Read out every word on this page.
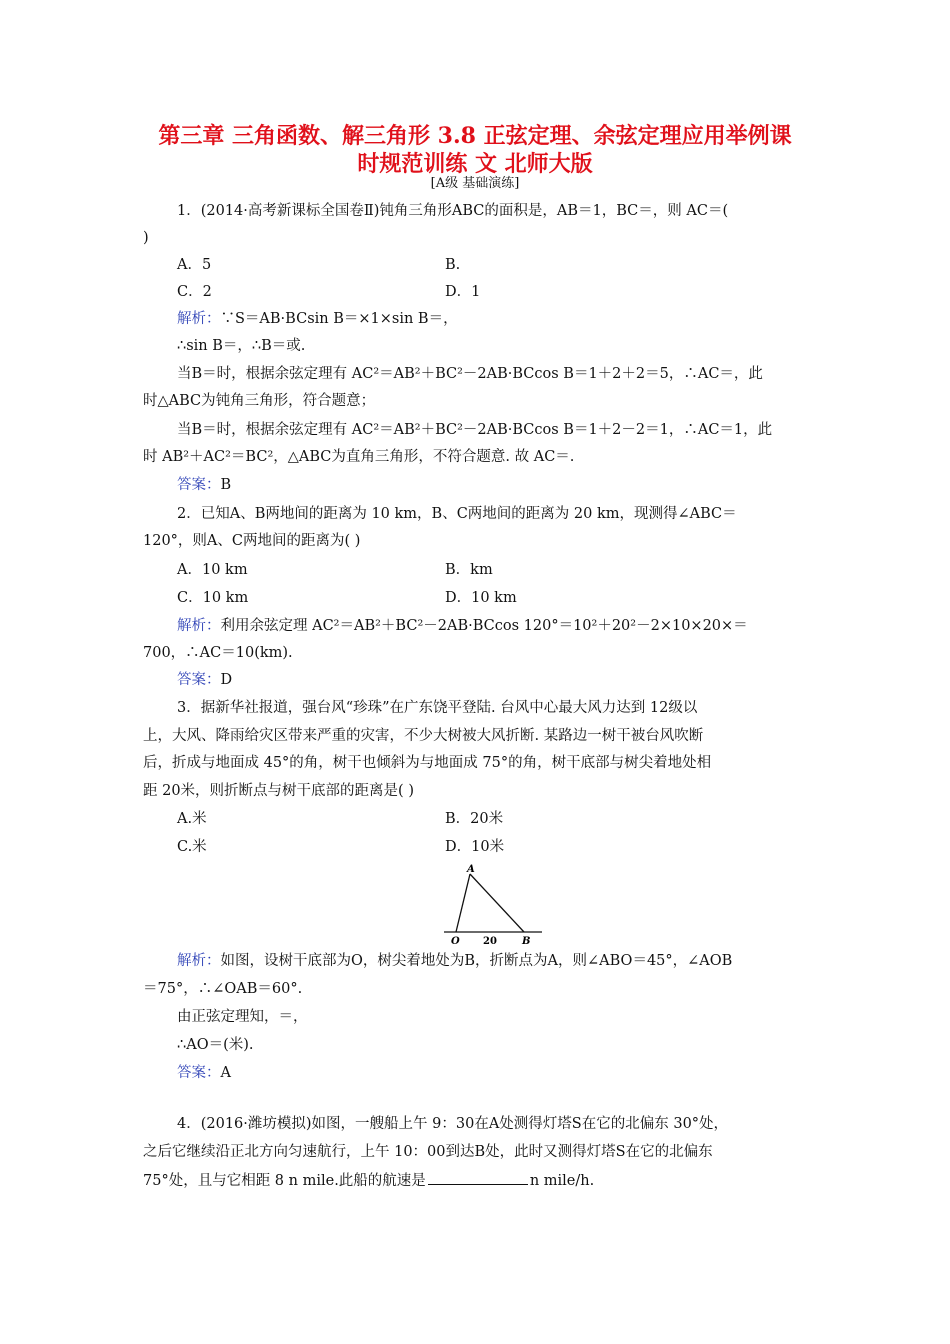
第三章 三角函数、解三角形 3.8 正弦定理、余弦定理应用举例课
时规范训练 文 北师大版
[A级 基础演练]
1．(2014·高考新课标全国卷Ⅱ)钝角三角形ABC的面积是，AB＝1，BC＝，则 AC＝(
)
A．5	B.
C．2	D．1
解析：∵S＝AB·BCsin B＝×1×sin B＝，
∴sin B＝，∴B＝或.
当B＝时，根据余弦定理有 AC²＝AB²＋BC²－2AB·BCcos B＝1＋2＋2＝5，∴AC＝，此
时△ABC为钝角三角形，符合题意；
当B＝时，根据余弦定理有 AC²＝AB²＋BC²－2AB·BCcos B＝1＋2－2＝1，∴AC＝1，此
时 AB²＋AC²＝BC²，△ABC为直角三角形，不符合题意. 故 AC＝.
答案：B
2．已知A、B两地间的距离为 10 km，B、C两地间的距离为 20 km，现测得∠ABC＝
120°，则A、C两地间的距离为( )
A．10 km	B．km
C．10 km	D．10 km
解析：利用余弦定理 AC²＝AB²＋BC²－2AB·BCcos 120°＝10²＋20²－2×10×20×＝
700，∴AC＝10(km).
答案：D
3．据新华社报道，强台风“珍珠”在广东饶平登陆. 台风中心最大风力达到 12级以
上，大风、降雨给灾区带来严重的灾害，不少大树被大风折断. 某路边一树干被台风吹断
后，折成与地面成 45°的角，树干也倾斜为与地面成 75°的角，树干底部与树尖着地处相
距 20米，则折断点与树干底部的距离是( )
A.米	B．20米
C.米	D．10米
A
O 20	B
解析：如图，设树干底部为O，树尖着地处为B，折断点为A，则∠ABO＝45°，∠AOB
＝75°，∴∠OAB＝60°.
由正弦定理知，＝，
∴AO＝(米).
答案：A
4．(2016·潍坊模拟)如图，一艘船上午 9：30在A处测得灯塔S在它的北偏东 30°处，
之后它继续沿正北方向匀速航行，上午 10：00到达B处，此时又测得灯塔S在它的北偏东
75°处，且与它相距 8 n mile.此船的航速是	n mile/h.
